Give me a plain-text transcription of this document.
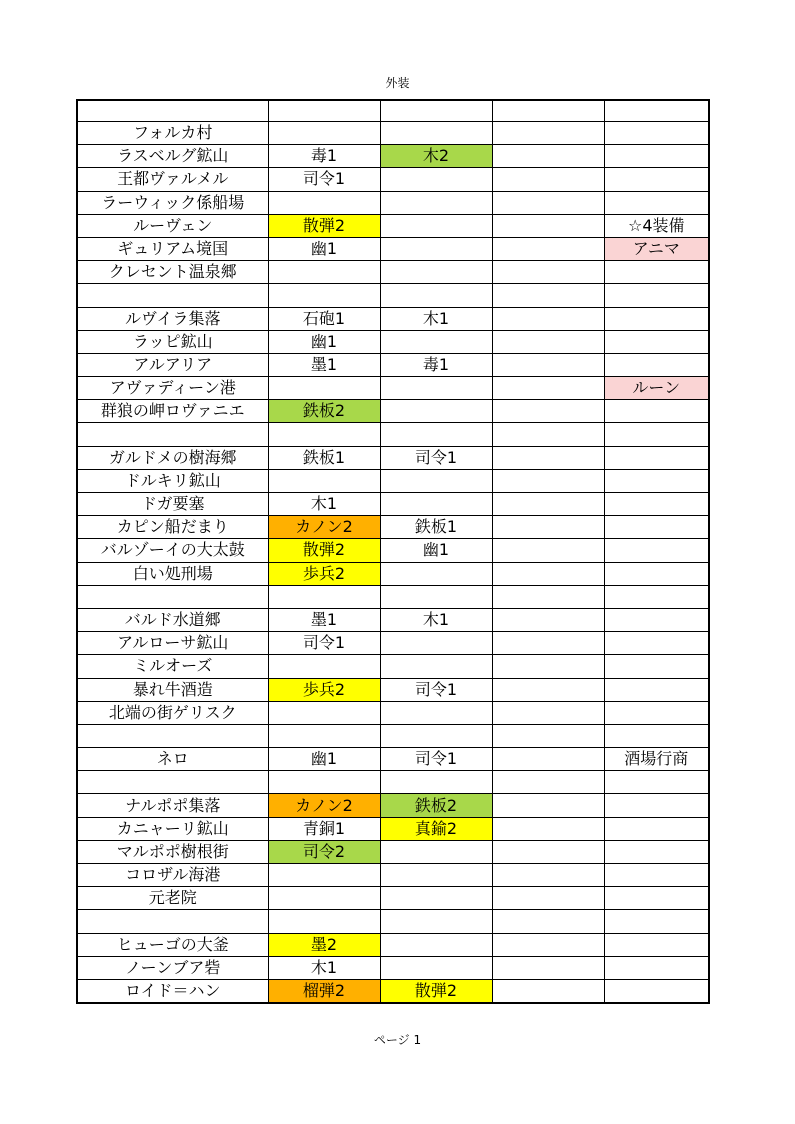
外装

フォルカ村				
ラスベルグ鉱山	毒1	木2		
王都ヴァルメル	司令1			
ラーウィック係船場				
ルーヴェン	散弾2			☆4装備
ギュリアム境国	幽1			アニマ
クレセント温泉郷				

ルヴイラ集落	石砲1	木1		
ラッピ鉱山	幽1			
アルアリア	墨1	毒1		
アヴァディーン港				ルーン
群狼の岬ロヴァニエ	鉄板2			

ガルドメの樹海郷	鉄板1	司令1		
ドルキリ鉱山				
ドガ要塞	木1			
カピン船だまり	カノン2	鉄板1		
バルゾーイの大太鼓	散弾2	幽1		
白い処刑場	歩兵2			

バルド水道郷	墨1	木1		
アルローサ鉱山	司令1			
ミルオーズ				
暴れ牛酒造	歩兵2	司令1		
北端の街ゲリスク				

ネロ	幽1	司令1		酒場行商

ナルポポ集落	カノン2	鉄板2		
カニャーリ鉱山	青銅1	真鍮2		
マルポポ樹根街	司令2			
コロザル海港				
元老院				

ヒューゴの大釜	墨2			
ノーンブア砦	木1			
ロイド＝ハン	榴弾2	散弾2		
ページ 1
